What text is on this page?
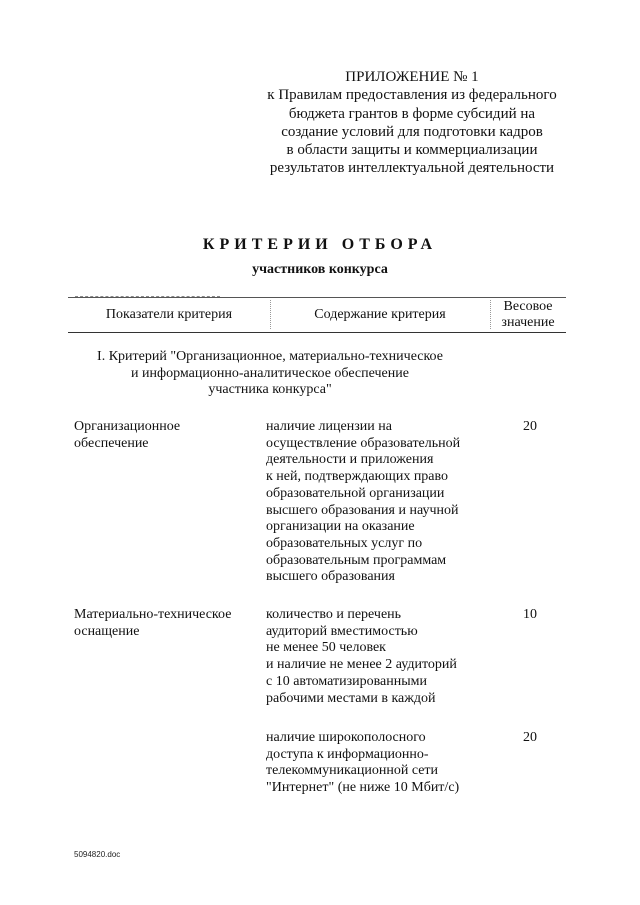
ПРИЛОЖЕНИЕ № 1
к Правилам предоставления из федерального
бюджета грантов в форме субсидий на
создание условий для подготовки кадров
в области защиты и коммерциализации
результатов интеллектуальной деятельности
КРИТЕРИИ ОТБОРА
участников конкурса
Показатели критерия	Содержание критерия
Весовое
значение
I. Критерий "Организационное, материально-техническое
и информационно-аналитическое обеспечение
участника конкурса"
Организационное
обеспечение
наличие лицензии на
осуществление образовательной
деятельности и приложения
к ней, подтверждающих право
образовательной организации
высшего образования и научной
организации на оказание
образовательных услуг по
образовательным программам
высшего образования
20
Материально-техническое
оснащение
количество и перечень
аудиторий вместимостью
не менее 50 человек
и наличие не менее 2 аудиторий
с 10 автоматизированными
рабочими местами в каждой
10
наличие широкополосного
доступа к информационно-
телекоммуникационной сети
"Интернет" (не ниже 10 Мбит/с)
20
5094820.doc
